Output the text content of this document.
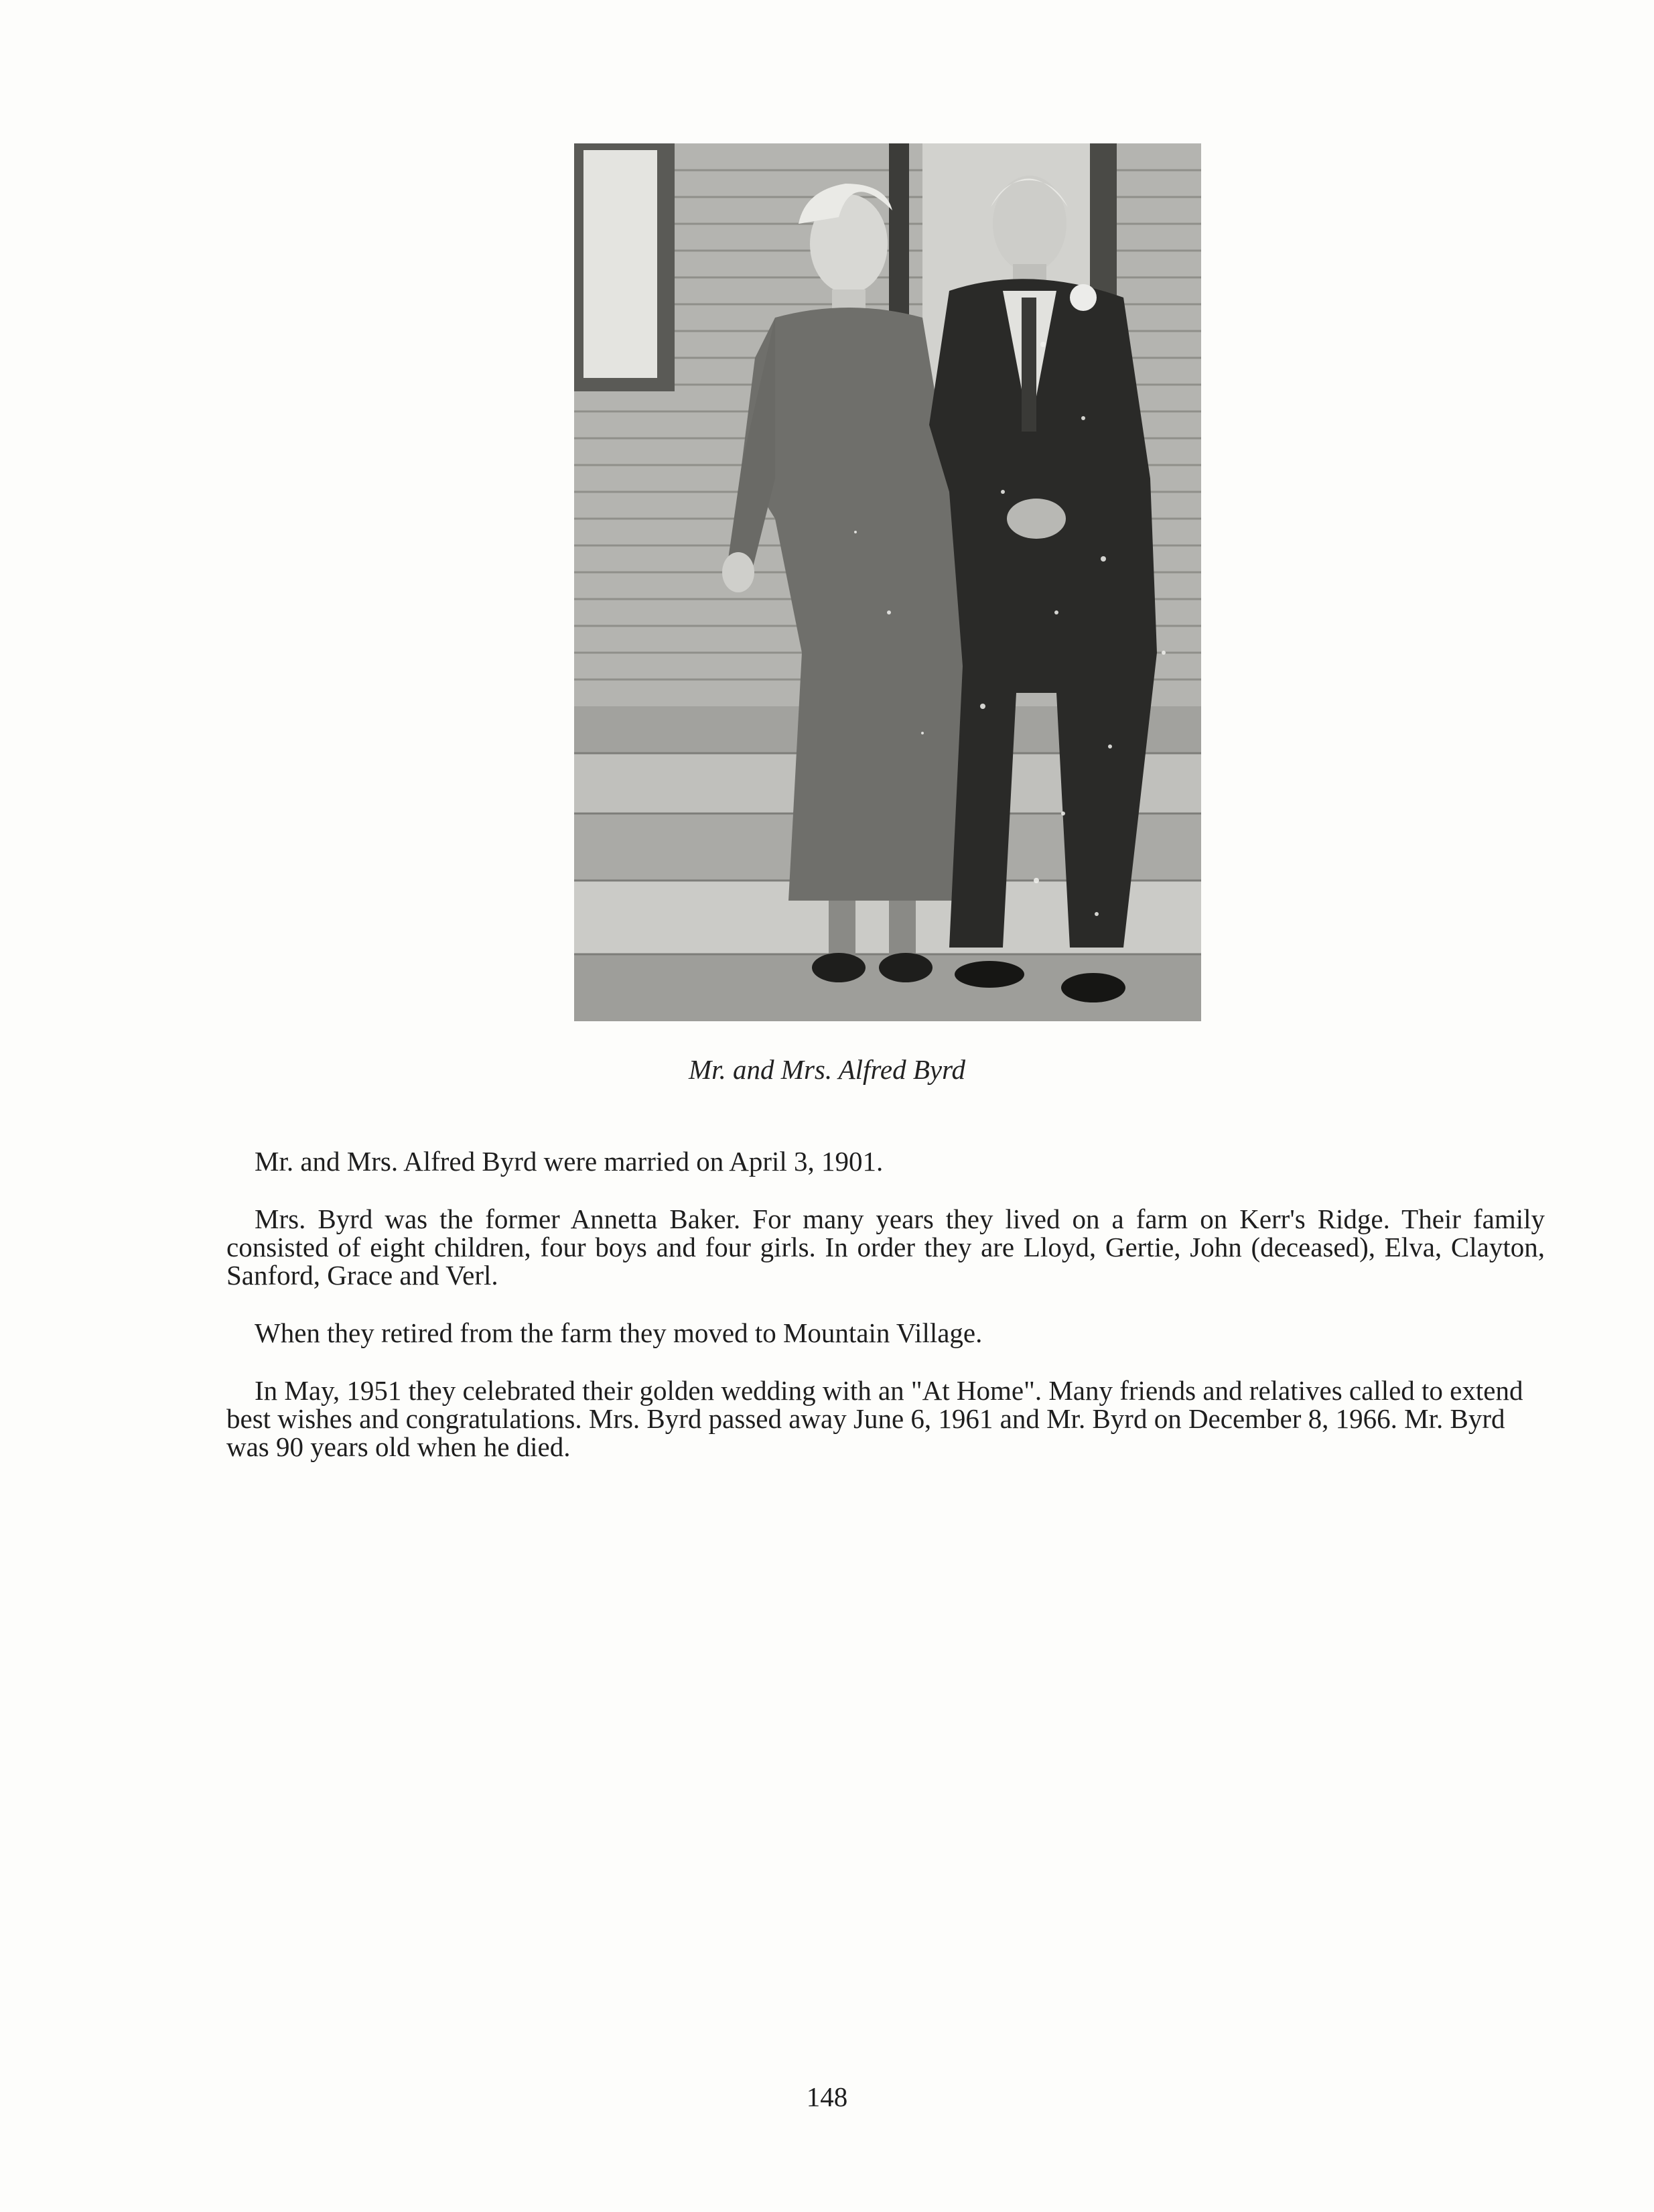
Mr. and Mrs. Alfred Byrd

Mr. and Mrs. Alfred Byrd were married on April 3, 1901.

Mrs. Byrd was the former Annetta Baker. For many years they lived on a farm on Kerr's Ridge. Their family consisted of eight children, four boys and four girls. In order they are Lloyd, Gertie, John (deceased), Elva, Clayton, Sanford, Grace and Verl.

When they retired from the farm they moved to Mountain Village.

In May, 1951 they celebrated their golden wedding with an "At Home". Many friends and relatives called to extend best wishes and congratulations. Mrs. Byrd passed away June 6, 1961 and Mr. Byrd on December 8, 1966. Mr. Byrd was 90 years old when he died.

148
